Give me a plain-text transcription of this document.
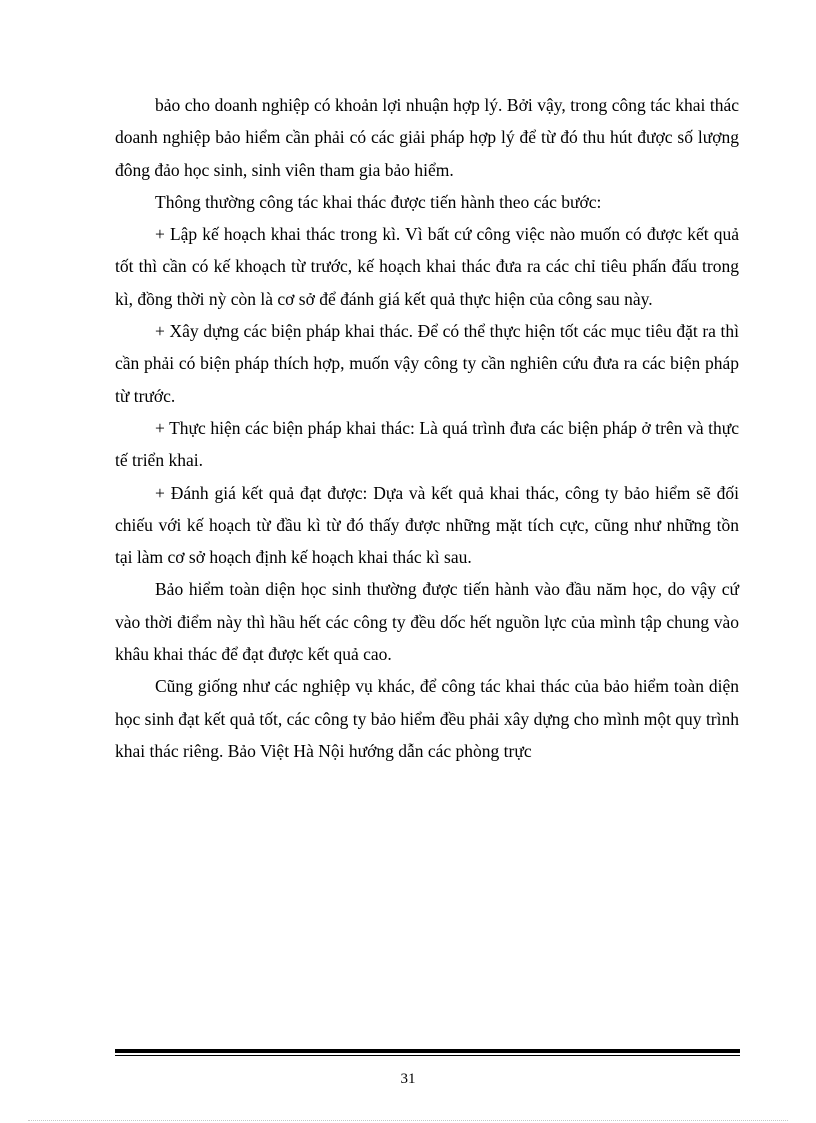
bảo cho doanh nghiệp có khoản lợi nhuận hợp lý. Bởi vậy, trong công tác khai thác doanh nghiệp bảo hiểm cần phải có các giải pháp hợp lý để từ đó thu hút được số lượng đông đảo học sinh, sinh viên tham gia bảo hiểm.

Thông thường công tác khai thác được tiến hành theo các bước:

+ Lập kế hoạch khai thác trong kì. Vì bất cứ công việc nào muốn có được kết quả tốt thì cần có kế khoạch từ trước, kế hoạch khai thác đưa ra các chỉ tiêu phấn đấu trong kì, đồng thời nỳ còn là cơ sở để đánh giá kết quả thực hiện của công sau này.

+ Xây dựng các biện pháp khai thác. Để có thể thực hiện tốt các mục tiêu đặt ra thì cần phải có biện pháp thích hợp, muốn vậy công ty cần nghiên cứu đưa ra các biện pháp từ trước.

+ Thực hiện các biện pháp khai thác: Là quá trình đưa các biện pháp ở trên và thực tế triển khai.

+ Đánh giá kết quả đạt được: Dựa và kết quả khai thác, công ty bảo hiểm sẽ đối chiếu với kế hoạch từ đầu kì từ đó thấy được những mặt tích cực, cũng như những tồn tại làm cơ sở hoạch định kế hoạch khai thác kì sau.

Bảo hiểm toàn diện học sinh thường được tiến hành vào đầu năm học, do vậy cứ vào thời điểm này thì hầu hết các công ty đều dốc hết nguồn lực của mình tập chung vào khâu khai thác để đạt được kết quả cao.

Cũng giống như các nghiệp vụ khác, để công tác khai thác của bảo hiểm toàn diện học sinh đạt kết quả tốt, các công ty bảo hiểm đều phải xây dựng cho mình một quy trình khai thác riêng. Bảo Việt Hà Nội hướng dẫn các phòng trực

31
